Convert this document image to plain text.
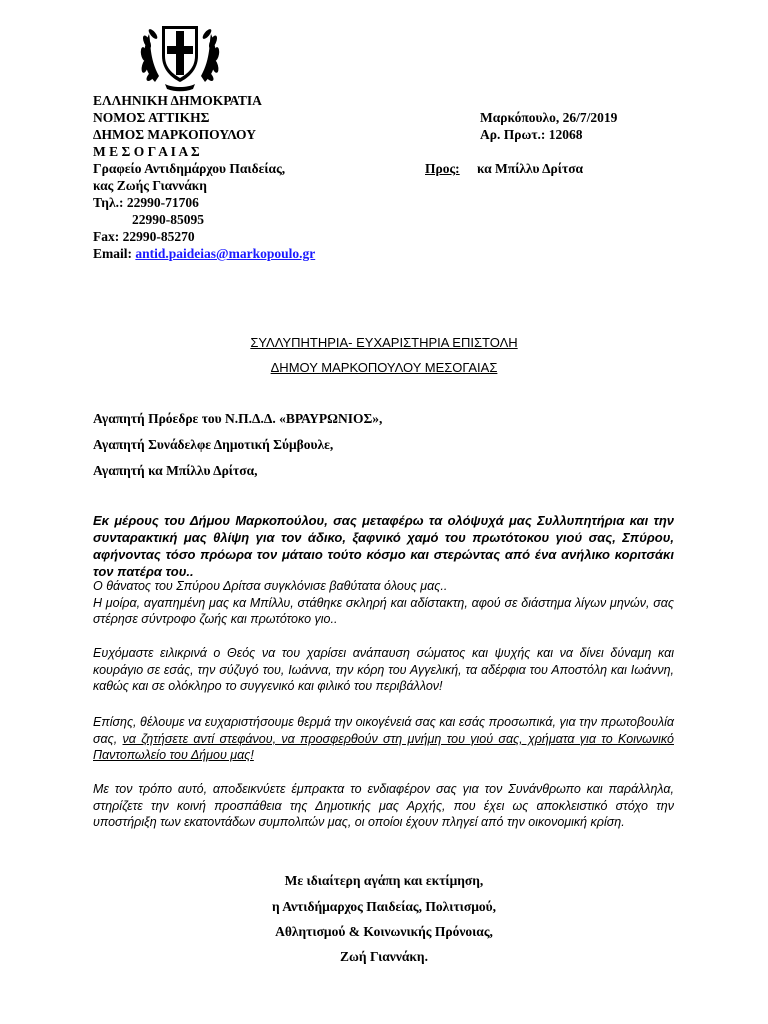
ΕΛΛΗΝΙΚΗ ΔΗΜΟΚΡΑΤΙΑ
ΝΟΜΟΣ ΑΤΤΙΚΗΣ
ΔΗΜΟΣ ΜΑΡΚΟΠΟΥΛΟΥ
Μ Ε Σ Ο Γ Α Ι Α Σ
Γραφείο Αντιδημάρχου Παιδείας,
κας Ζωής Γιαννάκη
Τηλ.: 22990-71706
22990-85095
Fax: 22990-85270
Email: antid.paideias@markopoulo.gr
Μαρκόπουλο, 26/7/2019
Αρ. Πρωτ.: 12068
Προς: κα Μπίλλυ Δρίτσα
ΣΥΛΛΥΠΗΤΗΡΙΑ- ΕΥΧΑΡΙΣΤΗΡΙΑ ΕΠΙΣΤΟΛΗ
ΔΗΜΟΥ ΜΑΡΚΟΠΟΥΛΟΥ ΜΕΣΟΓΑΙΑΣ
Αγαπητή Πρόεδρε του Ν.Π.Δ.Δ. «ΒΡΑΥΡΩΝΙΟΣ»,
Αγαπητή Συνάδελφε Δημοτική Σύμβουλε,
Αγαπητή κα Μπίλλυ Δρίτσα,
Εκ μέρους του Δήμου Μαρκοπούλου, σας μεταφέρω τα ολόψυχά μας Συλλυπητήρια και την συνταρακτική μας θλίψη για τον άδικο, ξαφνικό χαμό του πρωτότοκου γιού σας, Σπύρου, αφήνοντας τόσο πρόωρα τον μάταιο τούτο κόσμο και στερώντας από ένα ανήλικο κοριτσάκι τον πατέρα του..
Ο θάνατος του Σπύρου Δρίτσα συγκλόνισε βαθύτατα όλους μας..
Η μοίρα, αγαπημένη μας κα Μπίλλυ, στάθηκε σκληρή και αδίστακτη, αφού σε διάστημα λίγων μηνών, σας στέρησε σύντροφο ζωής και πρωτότοκο γιο..
Ευχόμαστε ειλικρινά ο Θεός να του χαρίσει ανάπαυση σώματος και ψυχής και να δίνει δύναμη και κουράγιο σε εσάς, την σύζυγό του, Ιωάννα, την κόρη του Αγγελική, τα αδέρφια του Αποστόλη και Ιωάννη, καθώς και σε ολόκληρο το συγγενικό και φιλικό του περιβάλλον!
Επίσης, θέλουμε να ευχαριστήσουμε θερμά την οικογένειά σας και εσάς προσωπικά, για την πρωτοβουλία σας, να ζητήσετε αντί στεφάνου, να προσφερθούν στη μνήμη του γιού σας, χρήματα για το Κοινωνικό Παντοπωλείο του Δήμου μας!
Με τον τρόπο αυτό, αποδεικνύετε έμπρακτα το ενδιαφέρον σας για τον Συνάνθρωπο και παράλληλα, στηρίζετε την κοινή προσπάθεια της Δημοτικής μας Αρχής, που έχει ως αποκλειστικό στόχο την υποστήριξη των εκατοντάδων συμπολιτών μας, οι οποίοι έχουν πληγεί από την οικονομική κρίση.
Με ιδιαίτερη αγάπη και εκτίμηση,
η Αντιδήμαρχος Παιδείας, Πολιτισμού,
Αθλητισμού & Κοινωνικής Πρόνοιας,
Ζωή Γιαννάκη.
